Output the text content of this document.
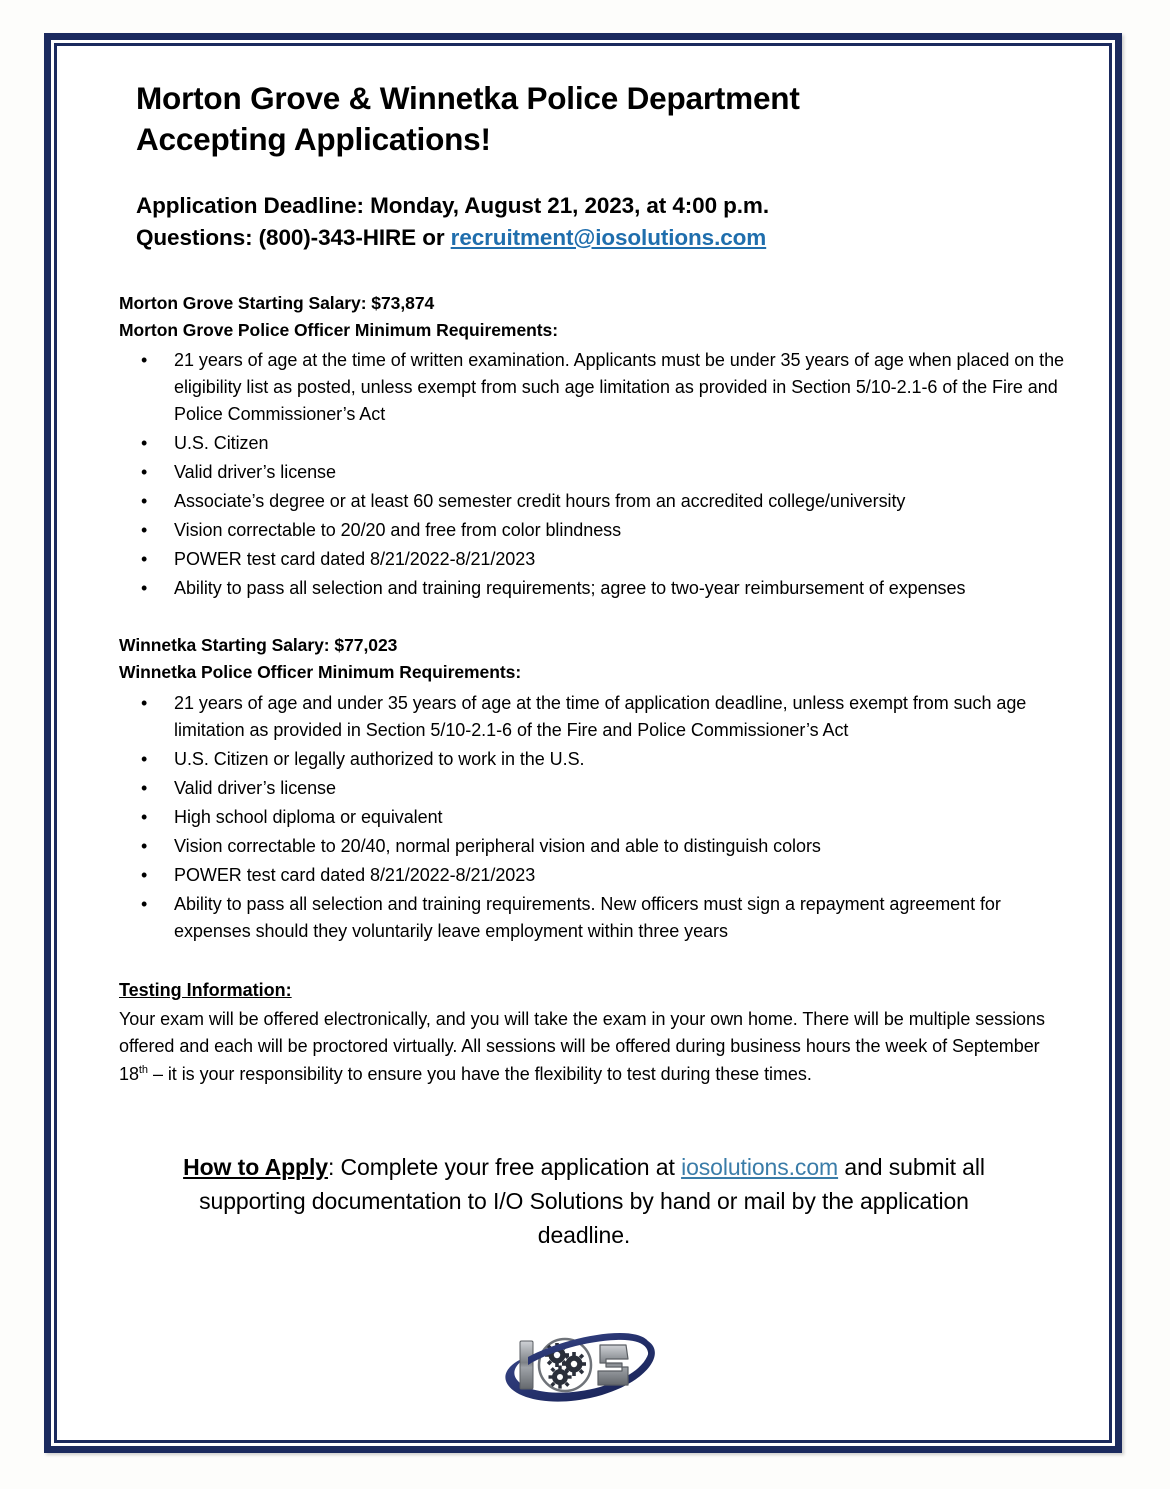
Morton Grove & Winnetka Police Department
Accepting Applications!
Application Deadline: Monday, August 21, 2023, at 4:00 p.m.
Questions: (800)-343-HIRE or recruitment@iosolutions.com
Morton Grove Starting Salary: $73,874
Morton Grove Police Officer Minimum Requirements:
• 21 years of age at the time of written examination. Applicants must be under 35 years of age when placed on the eligibility list as posted, unless exempt from such age limitation as provided in Section 5/10-2.1-6 of the Fire and Police Commissioner’s Act
• U.S. Citizen
• Valid driver’s license
• Associate’s degree or at least 60 semester credit hours from an accredited college/university
• Vision correctable to 20/20 and free from color blindness
• POWER test card dated 8/21/2022-8/21/2023
• Ability to pass all selection and training requirements; agree to two-year reimbursement of expenses
Winnetka Starting Salary: $77,023
Winnetka Police Officer Minimum Requirements:
• 21 years of age and under 35 years of age at the time of application deadline, unless exempt from such age limitation as provided in Section 5/10-2.1-6 of the Fire and Police Commissioner’s Act
• U.S. Citizen or legally authorized to work in the U.S.
• Valid driver’s license
• High school diploma or equivalent
• Vision correctable to 20/40, normal peripheral vision and able to distinguish colors
• POWER test card dated 8/21/2022-8/21/2023
• Ability to pass all selection and training requirements. New officers must sign a repayment agreement for expenses should they voluntarily leave employment within three years
Testing Information:

Your exam will be offered electronically, and you will take the exam in your own home. There will be multiple sessions offered and each will be proctored virtually. All sessions will be offered during business hours the week of September 18th – it is your responsibility to ensure you have the flexibility to test during these times.

How to Apply: Complete your free application at iosolutions.com and submit all supporting documentation to I/O Solutions by hand or mail by the application deadline.
